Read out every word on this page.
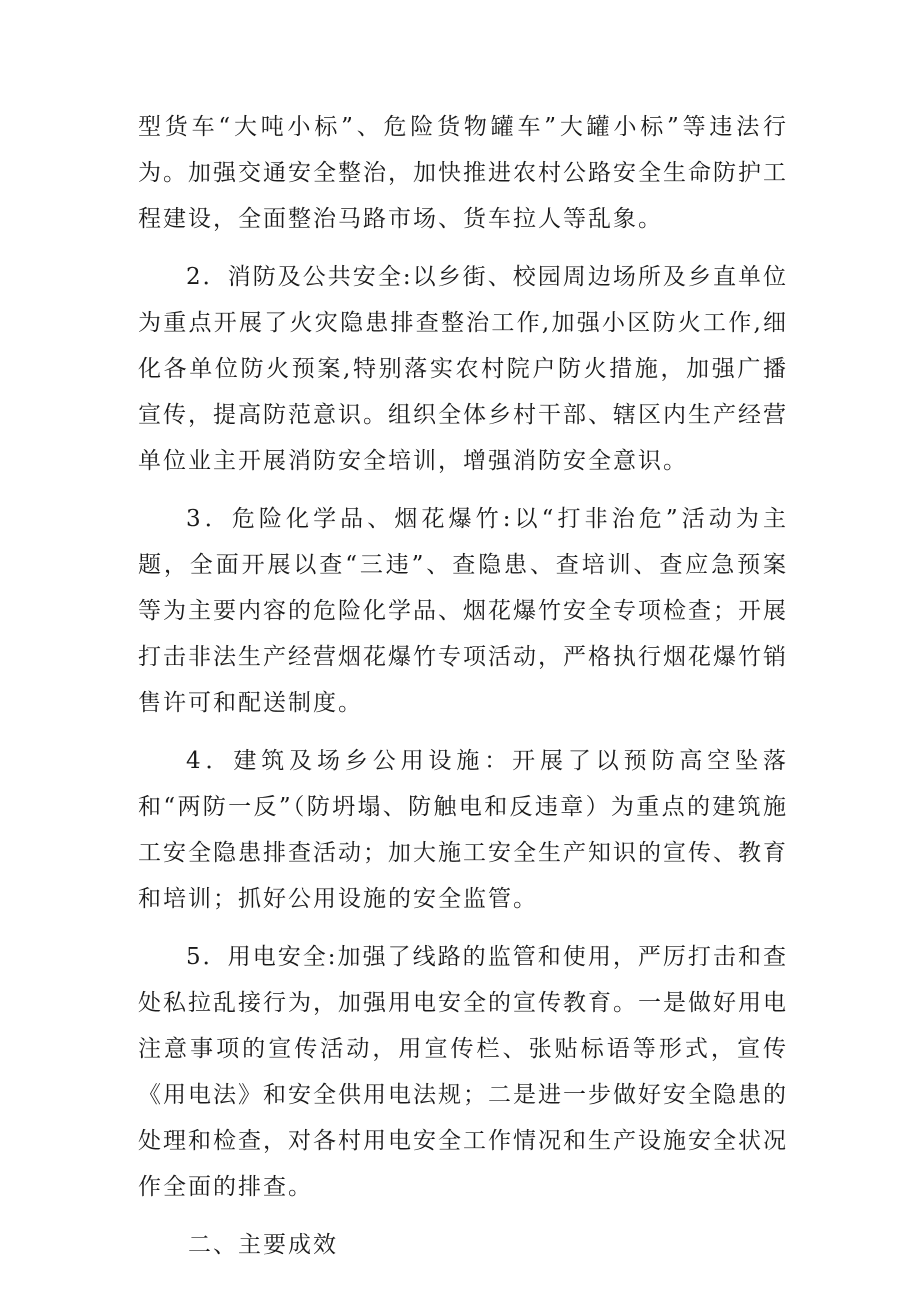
型货车“大吨小标”、危险货物罐车”大罐小标”等违法行为。加强交通安全整治，加快推进农村公路安全生命防护工程建设，全面整治马路市场、货车拉人等乱象。

2．消防及公共安全:以乡街、校园周边场所及乡直单位为重点开展了火灾隐患排查整治工作,加强小区防火工作,细化各单位防火预案,特别落实农村院户防火措施，加强广播宣传，提高防范意识。组织全体乡村干部、辖区内生产经营单位业主开展消防安全培训，增强消防安全意识。

3．危险化学品、烟花爆竹:以“打非治危”活动为主题，全面开展以查“三违”、查隐患、查培训、查应急预案等为主要内容的危险化学品、烟花爆竹安全专项检查；开展打击非法生产经营烟花爆竹专项活动，严格执行烟花爆竹销售许可和配送制度。

4．建筑及场乡公用设施：开展了以预防高空坠落和“两防一反”（防坍塌、防触电和反违章）为重点的建筑施工安全隐患排查活动；加大施工安全生产知识的宣传、教育和培训；抓好公用设施的安全监管。

5．用电安全:加强了线路的监管和使用，严厉打击和查处私拉乱接行为，加强用电安全的宣传教育。一是做好用电注意事项的宣传活动，用宣传栏、张贴标语等形式，宣传《用电法》和安全供用电法规；二是进一步做好安全隐患的处理和检查，对各村用电安全工作情况和生产设施安全状况作全面的排查。

二、主要成效
